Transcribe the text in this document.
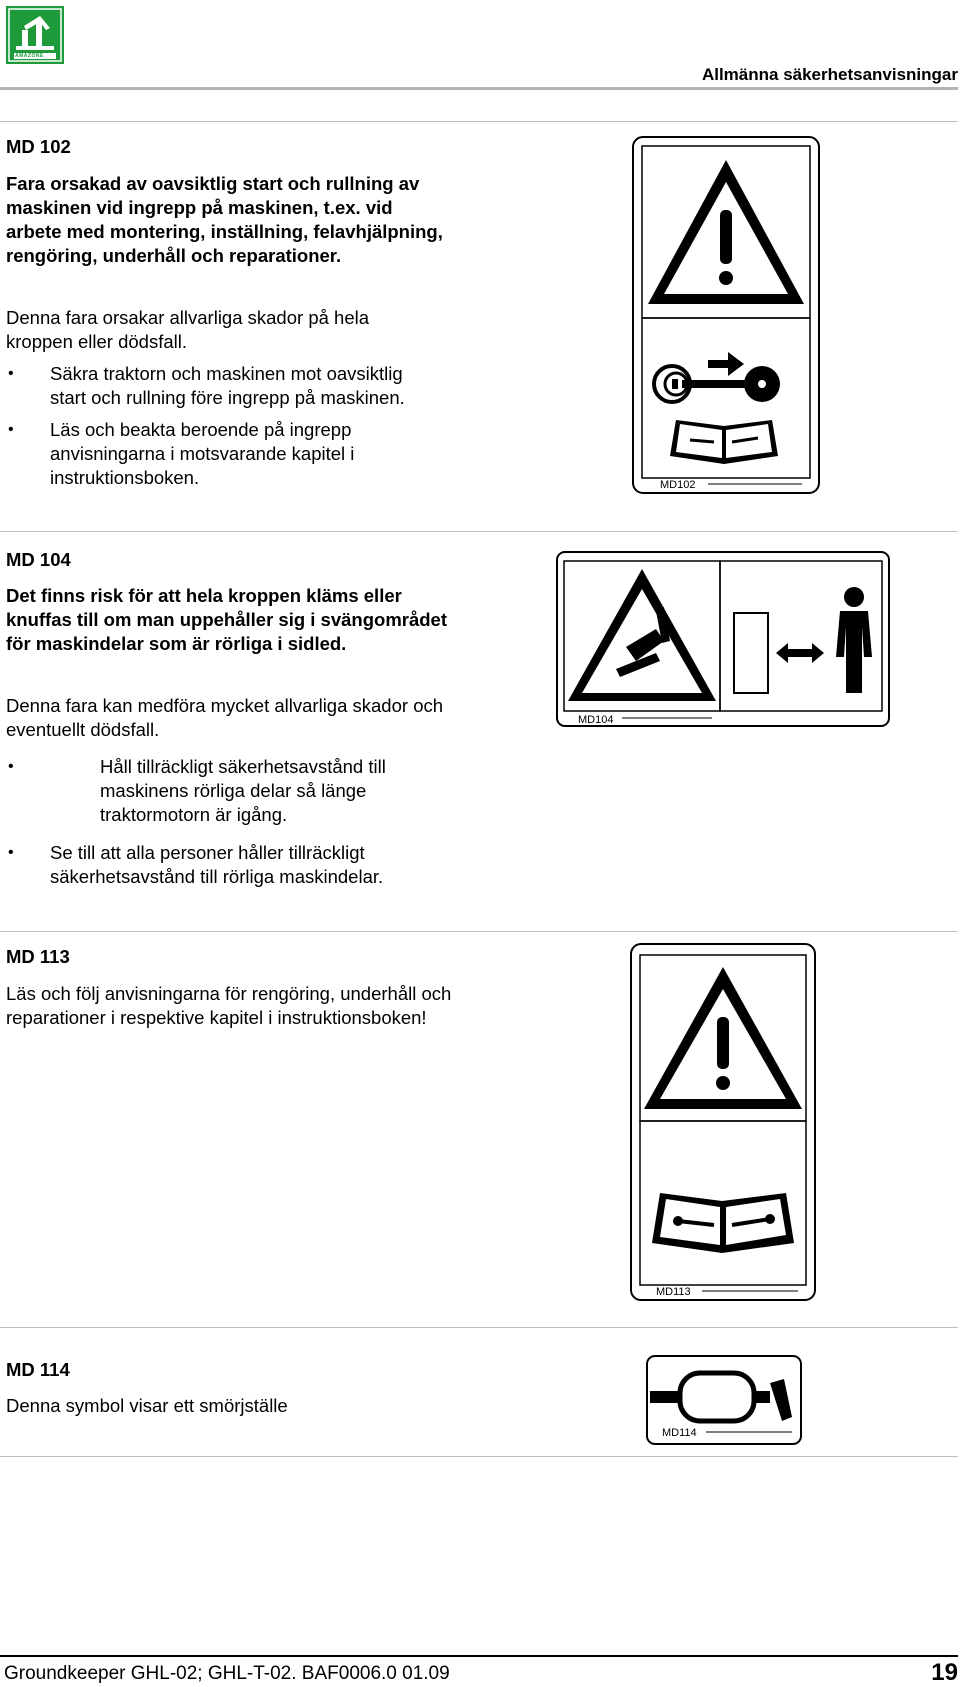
AMAZONE
Allmänna säkerhetsanvisningar
MD 102
Fara orsakad av oavsiktlig start och rullning av maskinen vid ingrepp på maskinen, t.ex. vid arbete med montering, inställning, felavhjälpning, rengöring, underhåll och reparationer.
Denna fara orsakar allvarliga skador på hela kroppen eller dödsfall.
• Säkra traktorn och maskinen mot oavsiktlig start och rullning före ingrepp på maskinen.
• Läs och beakta beroende på ingrepp anvisningarna i motsvarande kapitel i instruktionsboken.	MD102
MD 104
Det finns risk för att hela kroppen kläms eller knuffas till om man uppehåller sig i svängområdet för maskindelar som är rörliga i sidled.
Denna fara kan medföra mycket allvarliga skador och eventuellt dödsfall.
• Håll tillräckligt säkerhetsavstånd till maskinens rörliga delar så länge traktormotorn är igång.
• Se till att alla personer håller tillräckligt säkerhetsavstånd till rörliga maskindelar.
MD104
MD 113
Läs och följ anvisningarna för rengöring, underhåll och reparationer i respektive kapitel i instruktionsboken!
MD113
MD 114
Denna symbol visar ett smörjställe
MD114
Groundkeeper GHL-02; GHL-T-02. BAF0006.0 01.09	19
